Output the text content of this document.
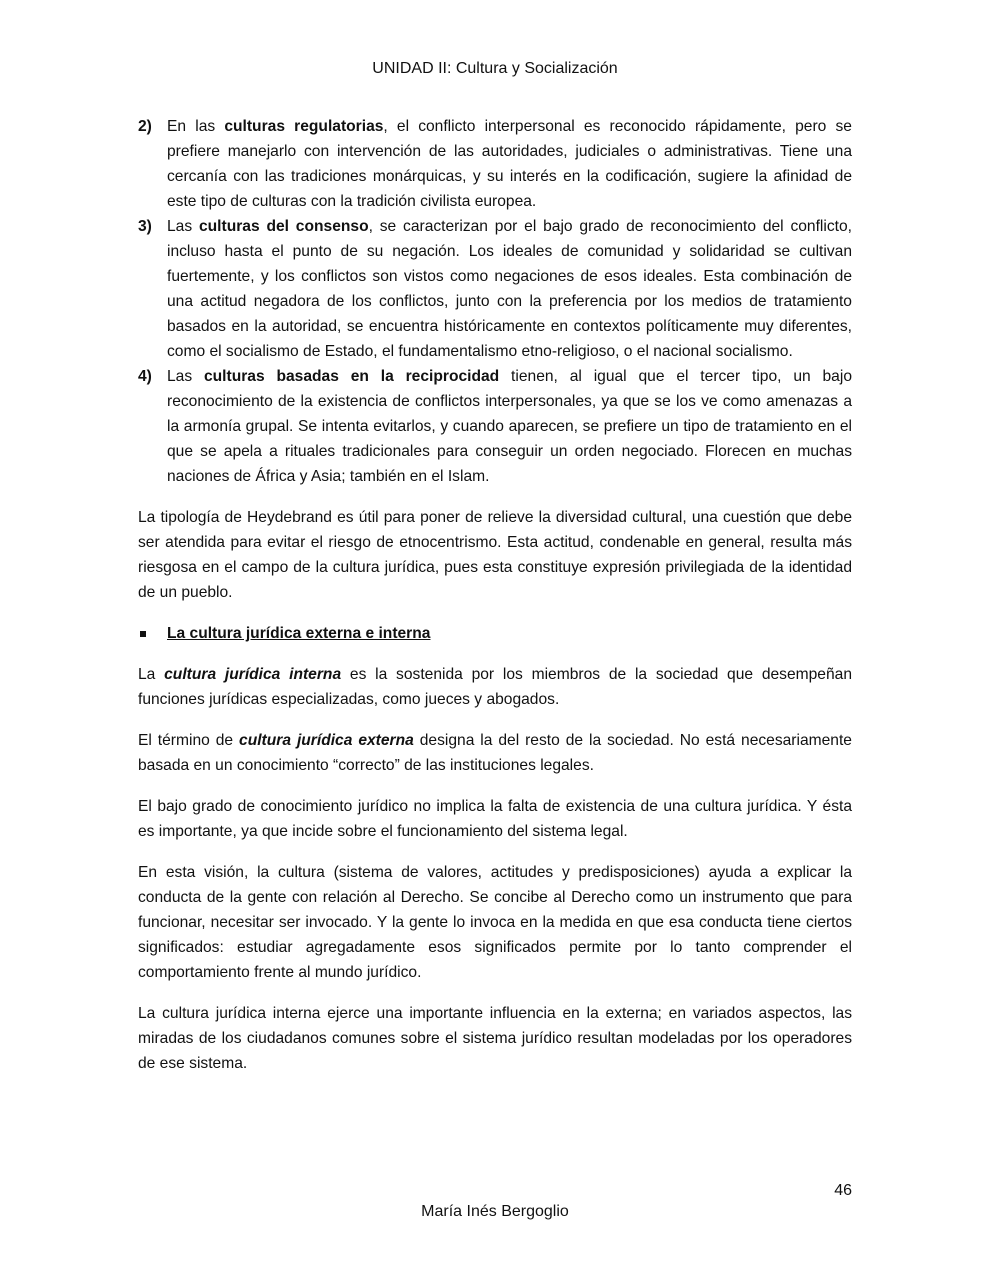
UNIDAD II: Cultura y Socialización
2) En las culturas regulatorias, el conflicto interpersonal es reconocido rápidamente, pero se prefiere manejarlo con intervención de las autoridades, judiciales o administrativas. Tiene una cercanía con las tradiciones monárquicas, y su interés en la codificación, sugiere la afinidad de este tipo de culturas con la tradición civilista europea.
3) Las culturas del consenso, se caracterizan por el bajo grado de reconocimiento del conflicto, incluso hasta el punto de su negación. Los ideales de comunidad y solidaridad se cultivan fuertemente, y los conflictos son vistos como negaciones de esos ideales. Esta combinación de una actitud negadora de los conflictos, junto con la preferencia por los medios de tratamiento basados en la autoridad, se encuentra históricamente en contextos políticamente muy diferentes, como el socialismo de Estado, el fundamentalismo etno-religioso, o el nacional socialismo.
4) Las culturas basadas en la reciprocidad tienen, al igual que el tercer tipo, un bajo reconocimiento de la existencia de conflictos interpersonales, ya que se los ve como amenazas a la armonía grupal. Se intenta evitarlos, y cuando aparecen, se prefiere un tipo de tratamiento en el que se apela a rituales tradicionales para conseguir un orden negociado. Florecen en muchas naciones de África y Asia; también en el Islam.

La tipología de Heydebrand es útil para poner de relieve la diversidad cultural, una cuestión que debe ser atendida para evitar el riesgo de etnocentrismo. Esta actitud, condenable en general, resulta más riesgosa en el campo de la cultura jurídica, pues esta constituye expresión privilegiada de la identidad de un pueblo.

La cultura jurídica externa e interna

La cultura jurídica interna es la sostenida por los miembros de la sociedad que desempeñan funciones jurídicas especializadas, como jueces y abogados.

El término de cultura jurídica externa designa la del resto de la sociedad. No está necesariamente basada en un conocimiento “correcto” de las instituciones legales.

El bajo grado de conocimiento jurídico no implica la falta de existencia de una cultura jurídica. Y ésta es importante, ya que incide sobre el funcionamiento del sistema legal.

En esta visión, la cultura (sistema de valores, actitudes y predisposiciones) ayuda a explicar la conducta de la gente con relación al Derecho. Se concibe al Derecho como un instrumento que para funcionar, necesitar ser invocado. Y la gente lo invoca en la medida en que esa conducta tiene ciertos significados: estudiar agregadamente esos significados permite por lo tanto comprender el comportamiento frente al mundo jurídico.

La cultura jurídica interna ejerce una importante influencia en la externa; en variados aspectos, las miradas de los ciudadanos comunes sobre el sistema jurídico resultan modeladas por los operadores de ese sistema.

46
María Inés Bergoglio
